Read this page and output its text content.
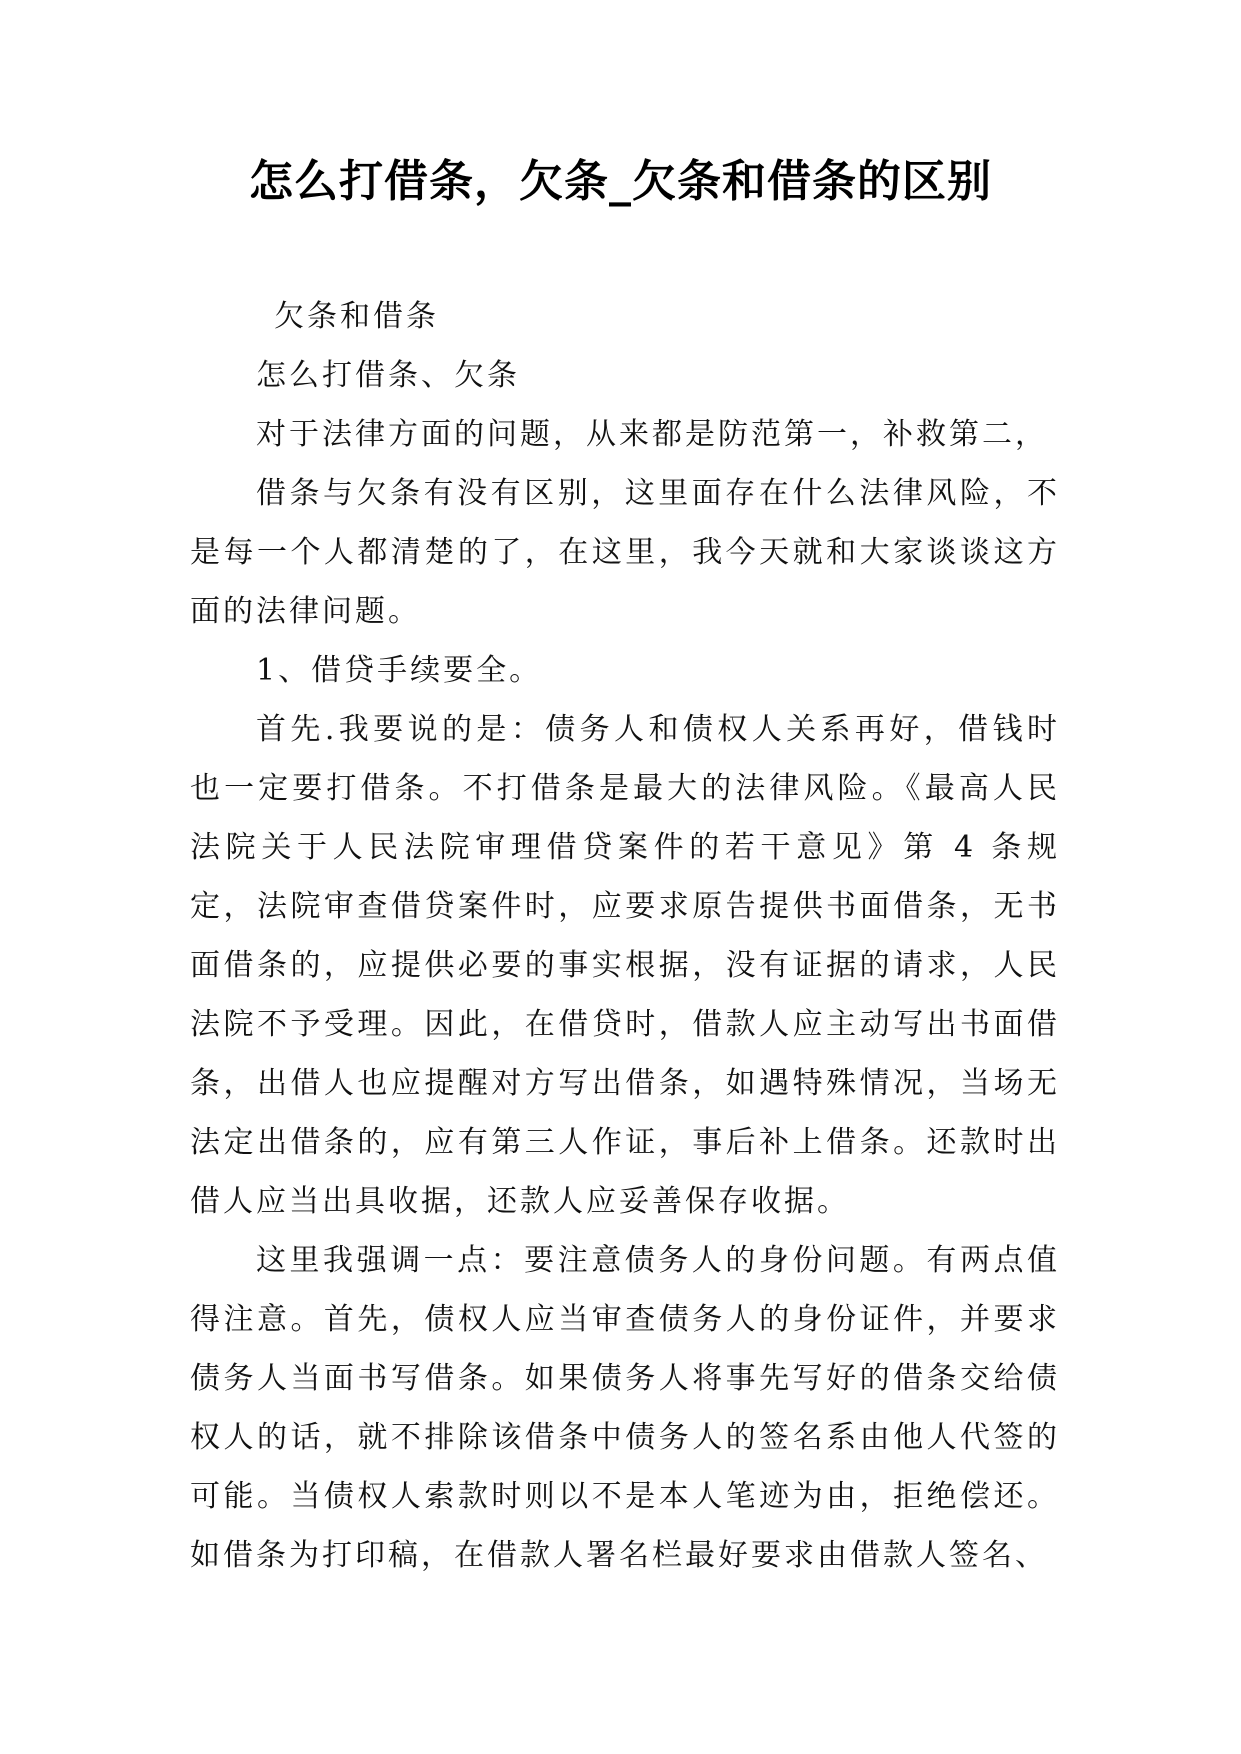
怎么打借条，欠条_欠条和借条的区别

欠条和借条

怎么打借条、欠条

对于法律方面的问题，从来都是防范第一，补救第二，

借条与欠条有没有区别，这里面存在什么法律风险，不是每一个人都清楚的了，在这里，我今天就和大家谈谈这方面的法律问题。

1、借贷手续要全。

首先.我要说的是：债务人和债权人关系再好，借钱时也一定要打借条。不打借条是最大的法律风险。《最高人民法院关于人民法院审理借贷案件的若干意见》第 4 条规定，法院审查借贷案件时，应要求原告提供书面借条，无书面借条的，应提供必要的事实根据，没有证据的请求，人民法院不予受理。因此，在借贷时，借款人应主动写出书面借条，出借人也应提醒对方写出借条，如遇特殊情况，当场无法定出借条的，应有第三人作证，事后补上借条。还款时出借人应当出具收据，还款人应妥善保存收据。

这里我强调一点：要注意债务人的身份问题。有两点值得注意。首先，债权人应当审查债务人的身份证件，并要求债务人当面书写借条。如果债务人将事先写好的借条交给债权人的话，就不排除该借条中债务人的签名系由他人代签的可能。当债权人索款时则以不是本人笔迹为由，拒绝偿还。如借条为打印稿，在借款人署名栏最好要求由借款人签名、
